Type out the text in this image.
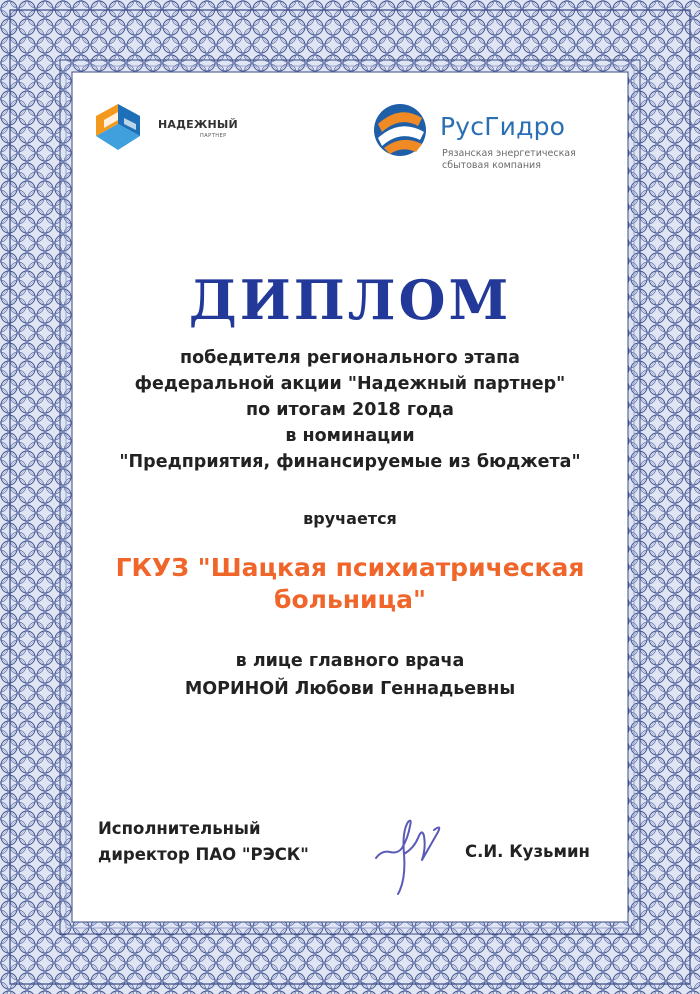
НАДЕЖНЫЙ
ПАРТНЕР	РусГидро
Рязанская энергетическая
сбытовая компания
ДИПЛОМ
победителя регионального этапа
федеральной акции "Надежный партнер"
по итогам 2018 года
в номинации
"Предприятия, финансируемые из бюджета"
вручается
ГКУЗ "Шацкая психиатрическая
больница"
в лице главного врача
МОРИНОЙ Любови Геннадьевны
Исполнительный
директор ПАО "РЭСК"	С.И. Кузьмин
